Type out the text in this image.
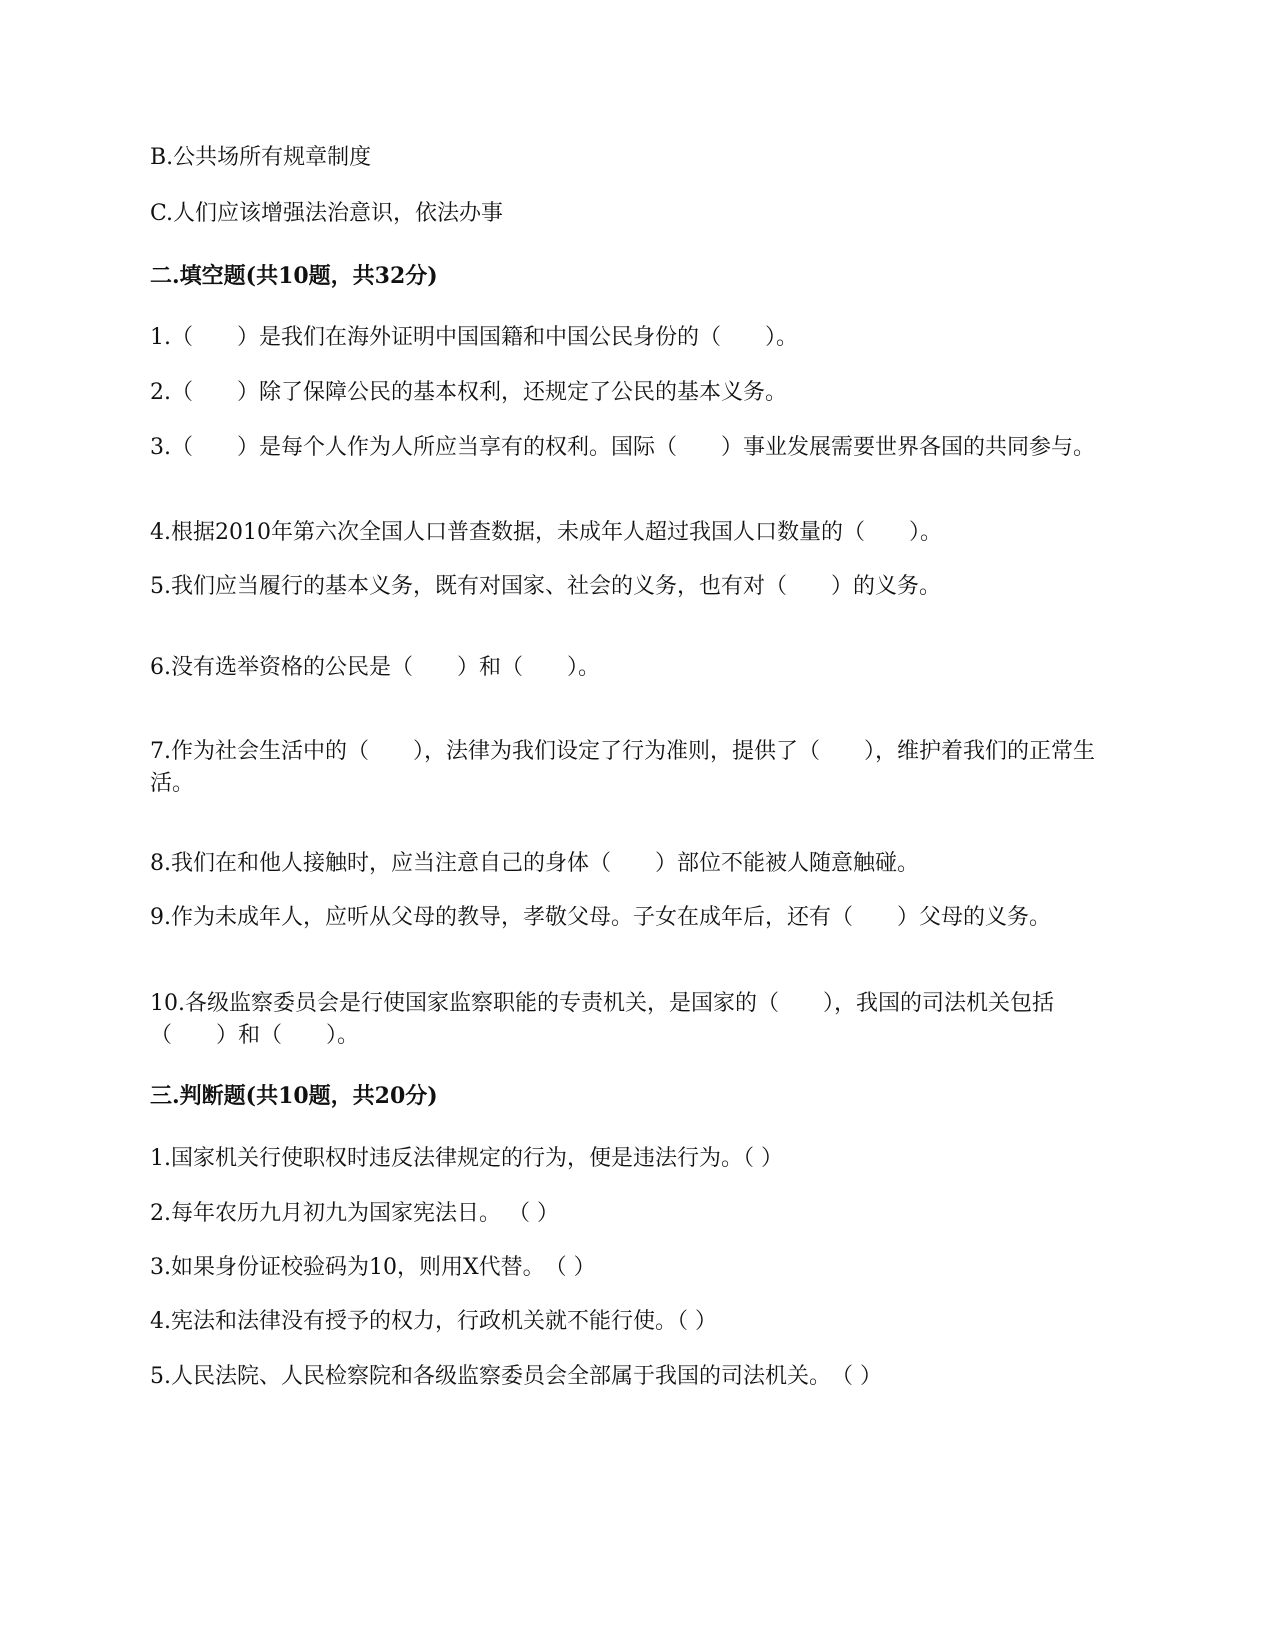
B.公共场所有规章制度

C.人们应该增强法治意识，依法办事

二.填空题(共10题，共32分)

1.（　　）是我们在海外证明中国国籍和中国公民身份的（　　）。

2.（　　）除了保障公民的基本权利，还规定了公民的基本义务。

3.（　　）是每个人作为人所应当享有的权利。国际（　　）事业发展需要世界各国的共同参与。

4.根据2010年第六次全国人口普查数据，未成年人超过我国人口数量的（　　）。

5.我们应当履行的基本义务，既有对国家、社会的义务，也有对（　　）的义务。

6.没有选举资格的公民是（　　）和（　　）。

7.作为社会生活中的（　　），法律为我们设定了行为准则，提供了（　　），维护着我们的正常生活。

8.我们在和他人接触时，应当注意自己的身体（　　）部位不能被人随意触碰。

9.作为未成年人，应听从父母的教导，孝敬父母。子女在成年后，还有（　　）父母的义务。

10.各级监察委员会是行使国家监察职能的专责机关，是国家的（　　），我国的司法机关包括（　　）和（　　）。

三.判断题(共10题，共20分)

1.国家机关行使职权时违反法律规定的行为，便是违法行为。（ ）

2.每年农历九月初九为国家宪法日。 （ ）

3.如果身份证校验码为10，则用X代替。　（ ）

4.宪法和法律没有授予的权力，行政机关就不能行使。（ ）

5.人民法院、人民检察院和各级监察委员会全部属于我国的司法机关。　（ ）
